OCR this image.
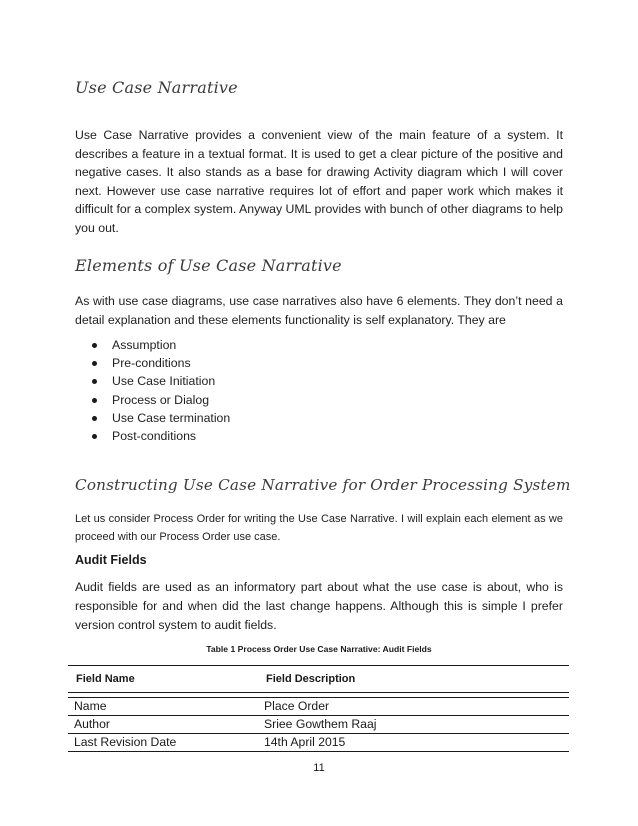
Use Case Narrative

Use Case Narrative provides a convenient view of the main feature of a system. It describes a feature in a textual format. It is used to get a clear picture of the positive and negative cases. It also stands as a base for drawing Activity diagram which I will cover next. However use case narrative requires lot of effort and paper work which makes it difficult for a complex system. Anyway UML provides with bunch of other diagrams to help you out.

Elements of Use Case Narrative

As with use case diagrams, use case narratives also have 6 elements. They don’t need a detail explanation and these elements functionality is self explanatory. They are

Assumption
Pre-conditions
Use Case Initiation
Process or Dialog
Use Case termination
Post-conditions
Constructing Use Case Narrative for Order Processing System

Let us consider Process Order for writing the Use Case Narrative. I will explain each element as we proceed with our Process Order use case.

Audit Fields

Audit fields are used as an informatory part about what the use case is about, who is responsible for and when did the last change happens. Although this is simple I prefer version control system to audit fields.

Table 1 Process Order Use Case Narrative: Audit Fields
Field Name	Field Description

Name	Place Order
Author	Sriee Gowthem Raaj
Last Revision Date	14th April 2015
11
